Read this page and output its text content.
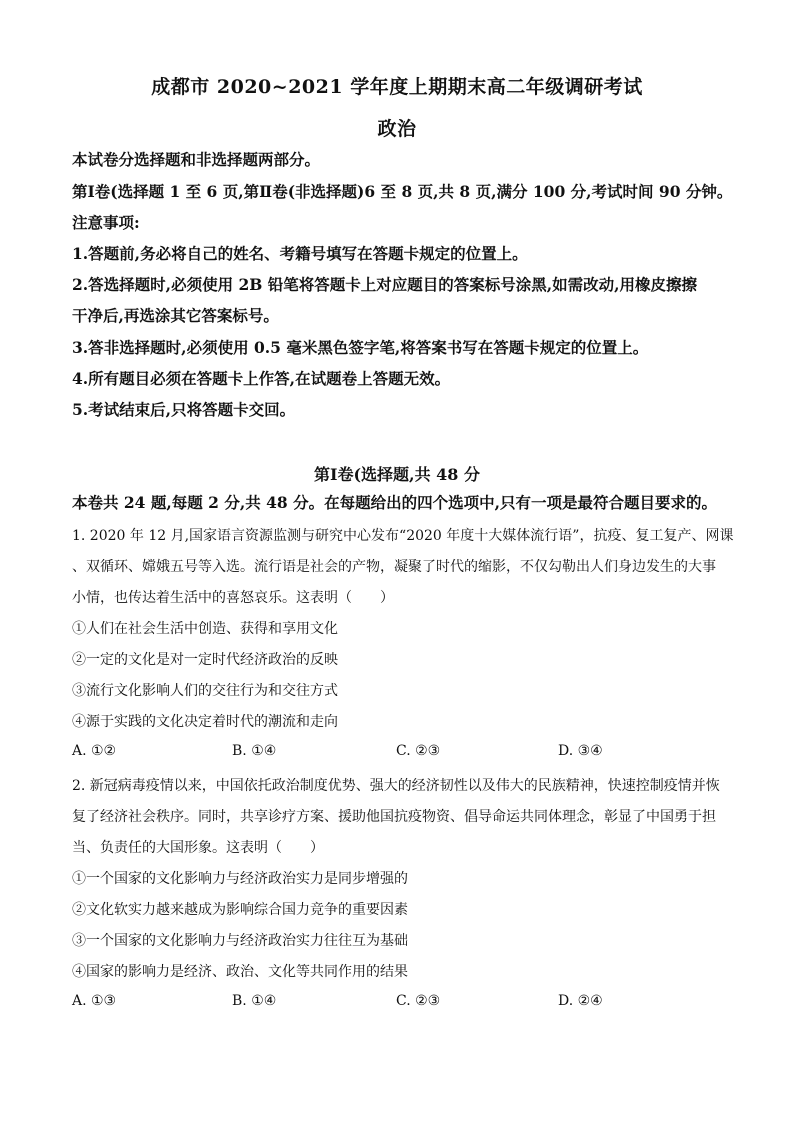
成都市 2020~2021 学年度上期期末高二年级调研考试
政治
本试卷分选择题和非选择题两部分。
第Ⅰ卷(选择题 1 至 6 页,第Ⅱ卷(非选择题)6 至 8 页,共 8 页,满分 100 分,考试时间 90 分钟。
注意事项:
1.答题前,务必将自己的姓名、考籍号填写在答题卡规定的位置上。
2.答选择题时,必须使用 2B 铅笔将答题卡上对应题目的答案标号涂黑,如需改动,用橡皮擦擦
干净后,再选涂其它答案标号。
3.答非选择题时,必须使用 0.5 毫米黑色签字笔,将答案书写在答题卡规定的位置上。
4.所有题目必须在答题卡上作答,在试题卷上答题无效。
5.考试结束后,只将答题卡交回。
第Ⅰ卷(选择题,共 48 分
本卷共 24 题,每题 2 分,共 48 分。在每题给出的四个选项中,只有一项是最符合题目要求的。
1. 2020 年 12 月,国家语言资源监测与研究中心发布“2020 年度十大媒体流行语”，抗疫、复工复产、网课
、双循环、嫦娥五号等入选。流行语是社会的产物，凝聚了时代的缩影，不仅勾勒出人们身边发生的大事
小情，也传达着生活中的喜怒哀乐。这表明（　　）
①人们在社会生活中创造、获得和享用文化
②一定的文化是对一定时代经济政治的反映
③流行文化影响人们的交往行为和交往方式
④源于实践的文化决定着时代的潮流和走向
A. ①②	B. ①④	C. ②③	D. ③④
2. 新冠病毒疫情以来，中国依托政治制度优势、强大的经济韧性以及伟大的民族精神，快速控制疫情并恢
复了经济社会秩序。同时，共享诊疗方案、援助他国抗疫物资、倡导命运共同体理念，彰显了中国勇于担
当、负责任的大国形象。这表明（　　）
①一个国家的文化影响力与经济政治实力是同步增强的
②文化软实力越来越成为影响综合国力竞争的重要因素
③一个国家的文化影响力与经济政治实力往往互为基础
④国家的影响力是经济、政治、文化等共同作用的结果
A. ①③	B. ①④	C. ②③	D. ②④
